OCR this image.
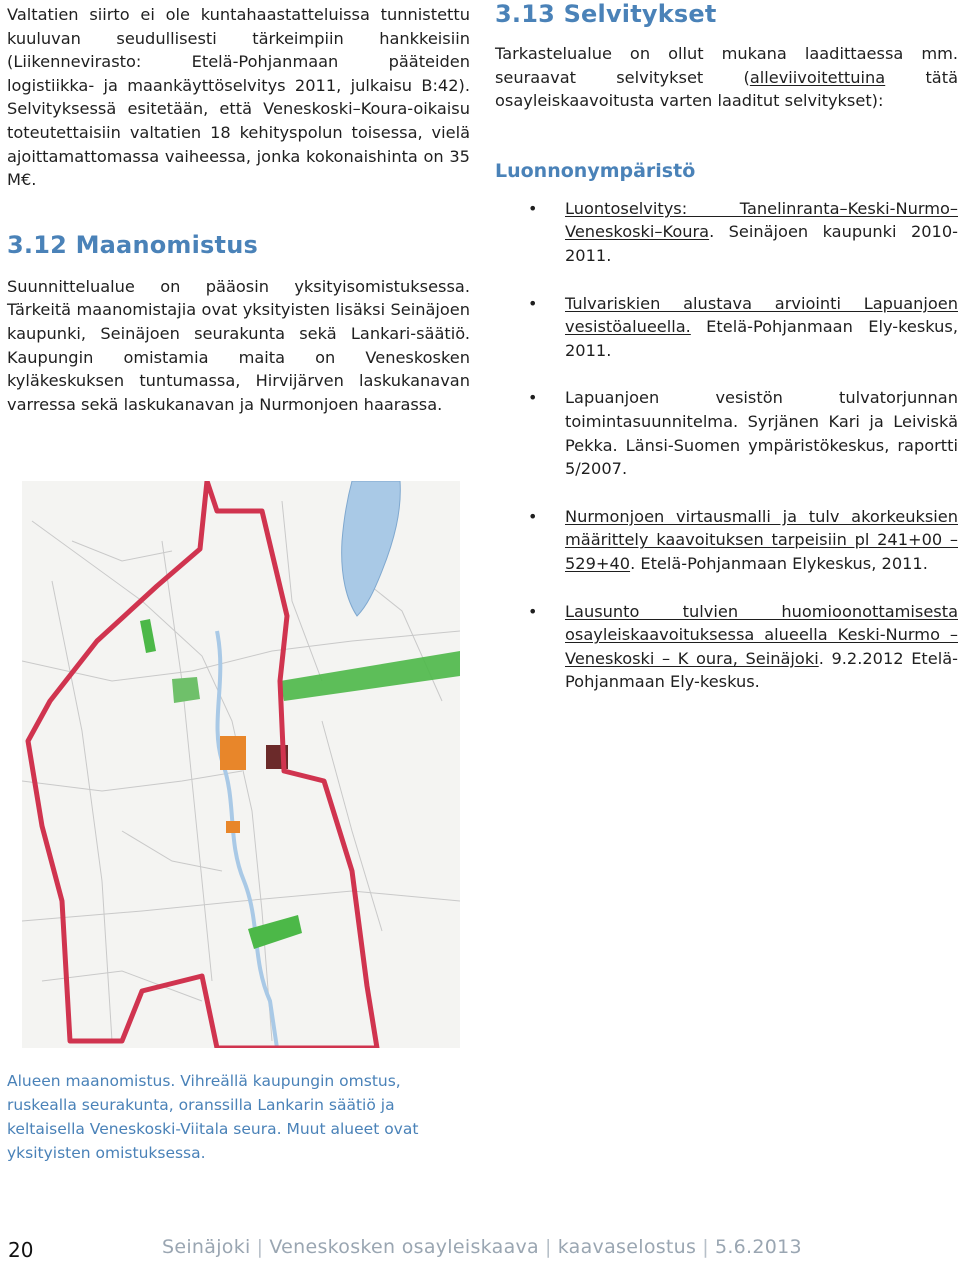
Valtatien siirto ei ole kuntahaastatteluissa tunnistettu kuuluvan seudullisesti tärkeimpiin hankkeisiin (Liikennevirasto: Etelä-Pohjanmaan pääteiden logistiikka- ja maankäyttöselvitys 2011, julkaisu B:42). Selvityksessä esitetään, että Veneskoski–Koura-oikaisu toteutettaisiin valtatien 18 kehityspolun toisessa, vielä ajoittamattomassa vaiheessa, jonka kokonaishinta on 35 M€.

3.12 Maanomistus

Suunnittelualue on pääosin yksityisomistuksessa. Tärkeitä maanomistajia ovat yksityisten lisäksi Seinäjoen kaupunki, Seinäjoen seurakunta sekä Lankari-säätiö. Kaupungin omistamia maita on Veneskosken kyläkeskuksen tuntumassa, Hirvijärven laskukanavan varressa sekä laskukanavan ja Nurmonjoen haarassa.

Alueen maanomistus. Vihreällä kaupungin omstus, ruskealla seurakunta, oranssilla Lankarin säätiö ja keltaisella Veneskoski-Viitala seura. Muut alueet ovat yksityisten omistuksessa.
3.13 Selvitykset

Tarkastelualue on ollut mukana laadittaessa mm. seuraavat selvitykset (alleviivoitettuina tätä osayleiskaavoitusta varten laaditut selvitykset):

Luonnonympäristö
• Luontoselvitys: Tanelinranta–Keski-Nurmo–Veneskoski–Koura. Seinäjoen kaupunki 2010-2011.
• Tulvariskien alustava arviointi Lapuanjoen vesistöalueella. Etelä-Pohjanmaan Ely-keskus, 2011.
• Lapuanjoen vesistön tulvatorjunnan toimintasuunnitelma. Syrjänen Kari ja Leiviskä Pekka. Länsi-Suomen ympäristökeskus, raportti 5/2007.
• Nurmonjoen virtausmalli ja tulv akorkeuksien määrittely kaavoituksen tarpeisiin pl 241+00 – 529+40. Etelä-Pohjanmaan Elykeskus, 2011.
• Lausunto tulvien huomioonottamisesta osayleiskaavoituksessa alueella Keski-Nurmo – Veneskoski – K oura, Seinäjoki. 9.2.2012 Etelä-Pohjanmaan Ely-keskus.
20	Seinäjoki | Veneskosken osayleiskaava | kaavaselostus | 5.6.2013
